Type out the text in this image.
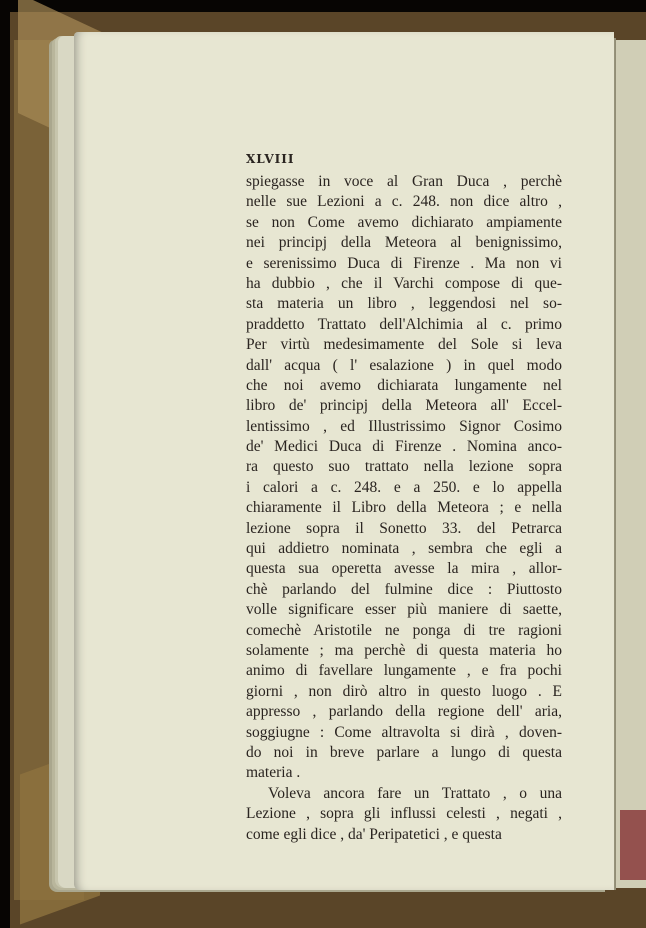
XLVIII
spiegasse in voce al Gran Duca , perchè
nelle sue Lezioni a c. 248. non dice altro ,
se non Come avemo dichiarato ampiamente
nei principj della Meteora al benignissimo,
e serenissimo Duca di Firenze . Ma non vi
ha dubbio , che il Varchi compose di que-
sta materia un libro , leggendosi nel so-
praddetto Trattato dell'Alchimia al c. primo
Per virtù medesimamente del Sole si leva
dall' acqua ( l' esalazione ) in quel modo
che noi avemo dichiarata lungamente nel
libro de' principj della Meteora all' Eccel-
lentissimo , ed Illustrissimo Signor Cosimo
de' Medici Duca di Firenze . Nomina anco-
ra questo suo trattato nella lezione sopra
i calori a c. 248. e a 250. e lo appella
chiaramente il Libro della Meteora ; e nella
lezione sopra il Sonetto 33. del Petrarca
qui addietro nominata , sembra che egli a
questa sua operetta avesse la mira , allor-
chè parlando del fulmine dice : Piuttosto
volle significare esser più maniere di saette,
comechè Aristotile ne ponga di tre ragioni
solamente ; ma perchè di questa materia ho
animo di favellare lungamente , e fra pochi
giorni , non dirò altro in questo luogo . E
appresso , parlando della regione dell' aria,
soggiugne : Come altravolta si dirà , doven-
do noi in breve parlare a lungo di questa
materia .
Voleva ancora fare un Trattato , o una
Lezione , sopra gli influssi celesti , negati ,
come egli dice , da' Peripatetici , e questa
